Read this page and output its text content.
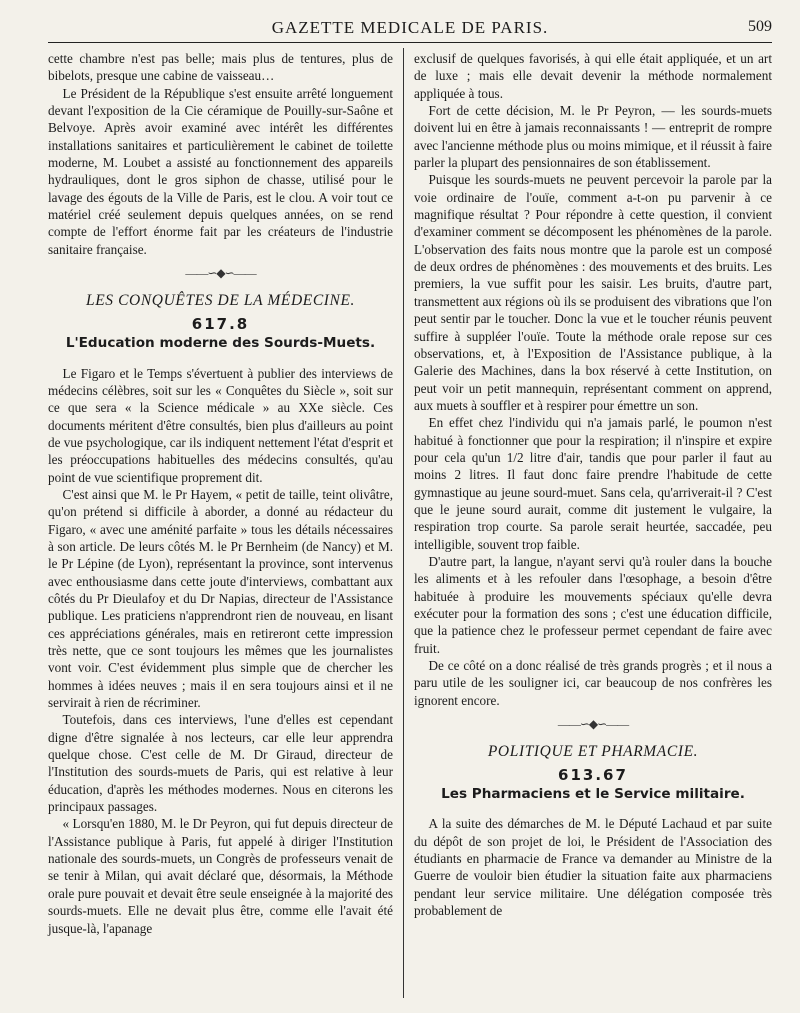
GAZETTE MEDICALE DE PARIS.	509

cette chambre n'est pas belle; mais plus de tentures, plus de bibelots, presque une cabine de vaisseau…

Le Président de la République s'est ensuite arrêté longuement devant l'exposition de la Cie céramique de Pouilly-sur-Saône et Belvoye. Après avoir examiné avec intérêt les différentes installations sanitaires et particulièrement le cabinet de toilette moderne, M. Loubet a assisté au fonctionnement des appareils hydrauliques, dont le gros siphon de chasse, utilisé pour le lavage des égouts de la Ville de Paris, est le clou. A voir tout ce matériel créé seulement depuis quelques années, on se rend compte de l'effort énorme fait par les créateurs de l'industrie sanitaire française.

——∽◆∽——
LES CONQUÊTES DE LA MÉDECINE.
617.8
L'Education moderne des Sourds-Muets.

Le Figaro et le Temps s'évertuent à publier des interviews de médecins célèbres, soit sur les « Conquêtes du Siècle », soit sur ce que sera « la Science médicale » au XXe siècle. Ces documents méritent d'être consultés, bien plus d'ailleurs au point de vue psychologique, car ils indiquent nettement l'état d'esprit et les préoccupations habituelles des médecins consultés, qu'au point de vue scientifique proprement dit.

C'est ainsi que M. le Pr Hayem, « petit de taille, teint olivâtre, qu'on prétend si difficile à aborder, a donné au rédacteur du Figaro, « avec une aménité parfaite » tous les détails nécessaires à son article. De leurs côtés M. le Pr Bernheim (de Nancy) et M. le Pr Lépine (de Lyon), représentant la province, sont intervenus avec enthousiasme dans cette joute d'interviews, combattant aux côtés du Pr Dieulafoy et du Dr Napias, directeur de l'Assistance publique. Les praticiens n'apprendront rien de nouveau, en lisant ces appréciations générales, mais en retireront cette impression très nette, que ce sont toujours les mêmes que les journalistes vont voir. C'est évidemment plus simple que de chercher les hommes à idées neuves ; mais il en sera toujours ainsi et il ne servirait à rien de récriminer.

Toutefois, dans ces interviews, l'une d'elles est cependant digne d'être signalée à nos lecteurs, car elle leur apprendra quelque chose. C'est celle de M. Dr Giraud, directeur de l'Institution des sourds-muets de Paris, qui est relative à leur éducation, d'après les méthodes modernes. Nous en citerons les principaux passages.

« Lorsqu'en 1880, M. le Dr Peyron, qui fut depuis directeur de l'Assistance publique à Paris, fut appelé à diriger l'Institution nationale des sourds-muets, un Congrès de professeurs venait de se tenir à Milan, qui avait déclaré que, désormais, la Méthode orale pure pouvait et devait être seule enseignée à la majorité des sourds-muets. Elle ne devait plus être, comme elle l'avait été jusque-là, l'apanage

exclusif de quelques favorisés, à qui elle était appliquée, et un art de luxe ; mais elle devait devenir la méthode normalement appliquée à tous.

Fort de cette décision, M. le Pr Peyron, — les sourds-muets doivent lui en être à jamais reconnaissants ! — entreprit de rompre avec l'ancienne méthode plus ou moins mimique, et il réussit à faire parler la plupart des pensionnaires de son établissement.

Puisque les sourds-muets ne peuvent percevoir la parole par la voie ordinaire de l'ouïe, comment a-t-on pu parvenir à ce magnifique résultat ? Pour répondre à cette question, il convient d'examiner comment se décomposent les phénomènes de la parole. L'observation des faits nous montre que la parole est un composé de deux ordres de phénomènes : des mouvements et des bruits. Les premiers, la vue suffit pour les saisir. Les bruits, d'autre part, transmettent aux régions où ils se produisent des vibrations que l'on peut sentir par le toucher. Donc la vue et le toucher réunis peuvent suffire à suppléer l'ouïe. Toute la méthode orale repose sur ces observations, et, à l'Exposition de l'Assistance publique, à la Galerie des Machines, dans la box réservé à cette Institution, on peut voir un petit mannequin, représentant comment on apprend, aux muets à souffler et à respirer pour émettre un son.

En effet chez l'individu qui n'a jamais parlé, le poumon n'est habitué à fonctionner que pour la respiration; il n'inspire et expire pour cela qu'un 1/2 litre d'air, tandis que pour parler il faut au moins 2 litres. Il faut donc faire prendre l'habitude de cette gymnastique au jeune sourd-muet. Sans cela, qu'arriverait-il ? C'est que le jeune sourd aurait, comme dit justement le vulgaire, la respiration trop courte. Sa parole serait heurtée, saccadée, peu intelligible, souvent trop faible.

D'autre part, la langue, n'ayant servi qu'à rouler dans la bouche les aliments et à les refouler dans l'œsophage, a besoin d'être habituée à produire les mouvements spéciaux qu'elle devra exécuter pour la formation des sons ; c'est une éducation difficile, que la patience chez le professeur permet cependant de faire avec fruit.

De ce côté on a donc réalisé de très grands progrès ; et il nous a paru utile de les souligner ici, car beaucoup de nos confrères les ignorent encore.

——∽◆∽——
POLITIQUE ET PHARMACIE.
613.67
Les Pharmaciens et le Service militaire.

A la suite des démarches de M. le Député Lachaud et par suite du dépôt de son projet de loi, le Président de l'Association des étudiants en pharmacie de France va demander au Ministre de la Guerre de vouloir bien étudier la situation faite aux pharmaciens pendant leur service militaire. Une délégation composée très probablement de
